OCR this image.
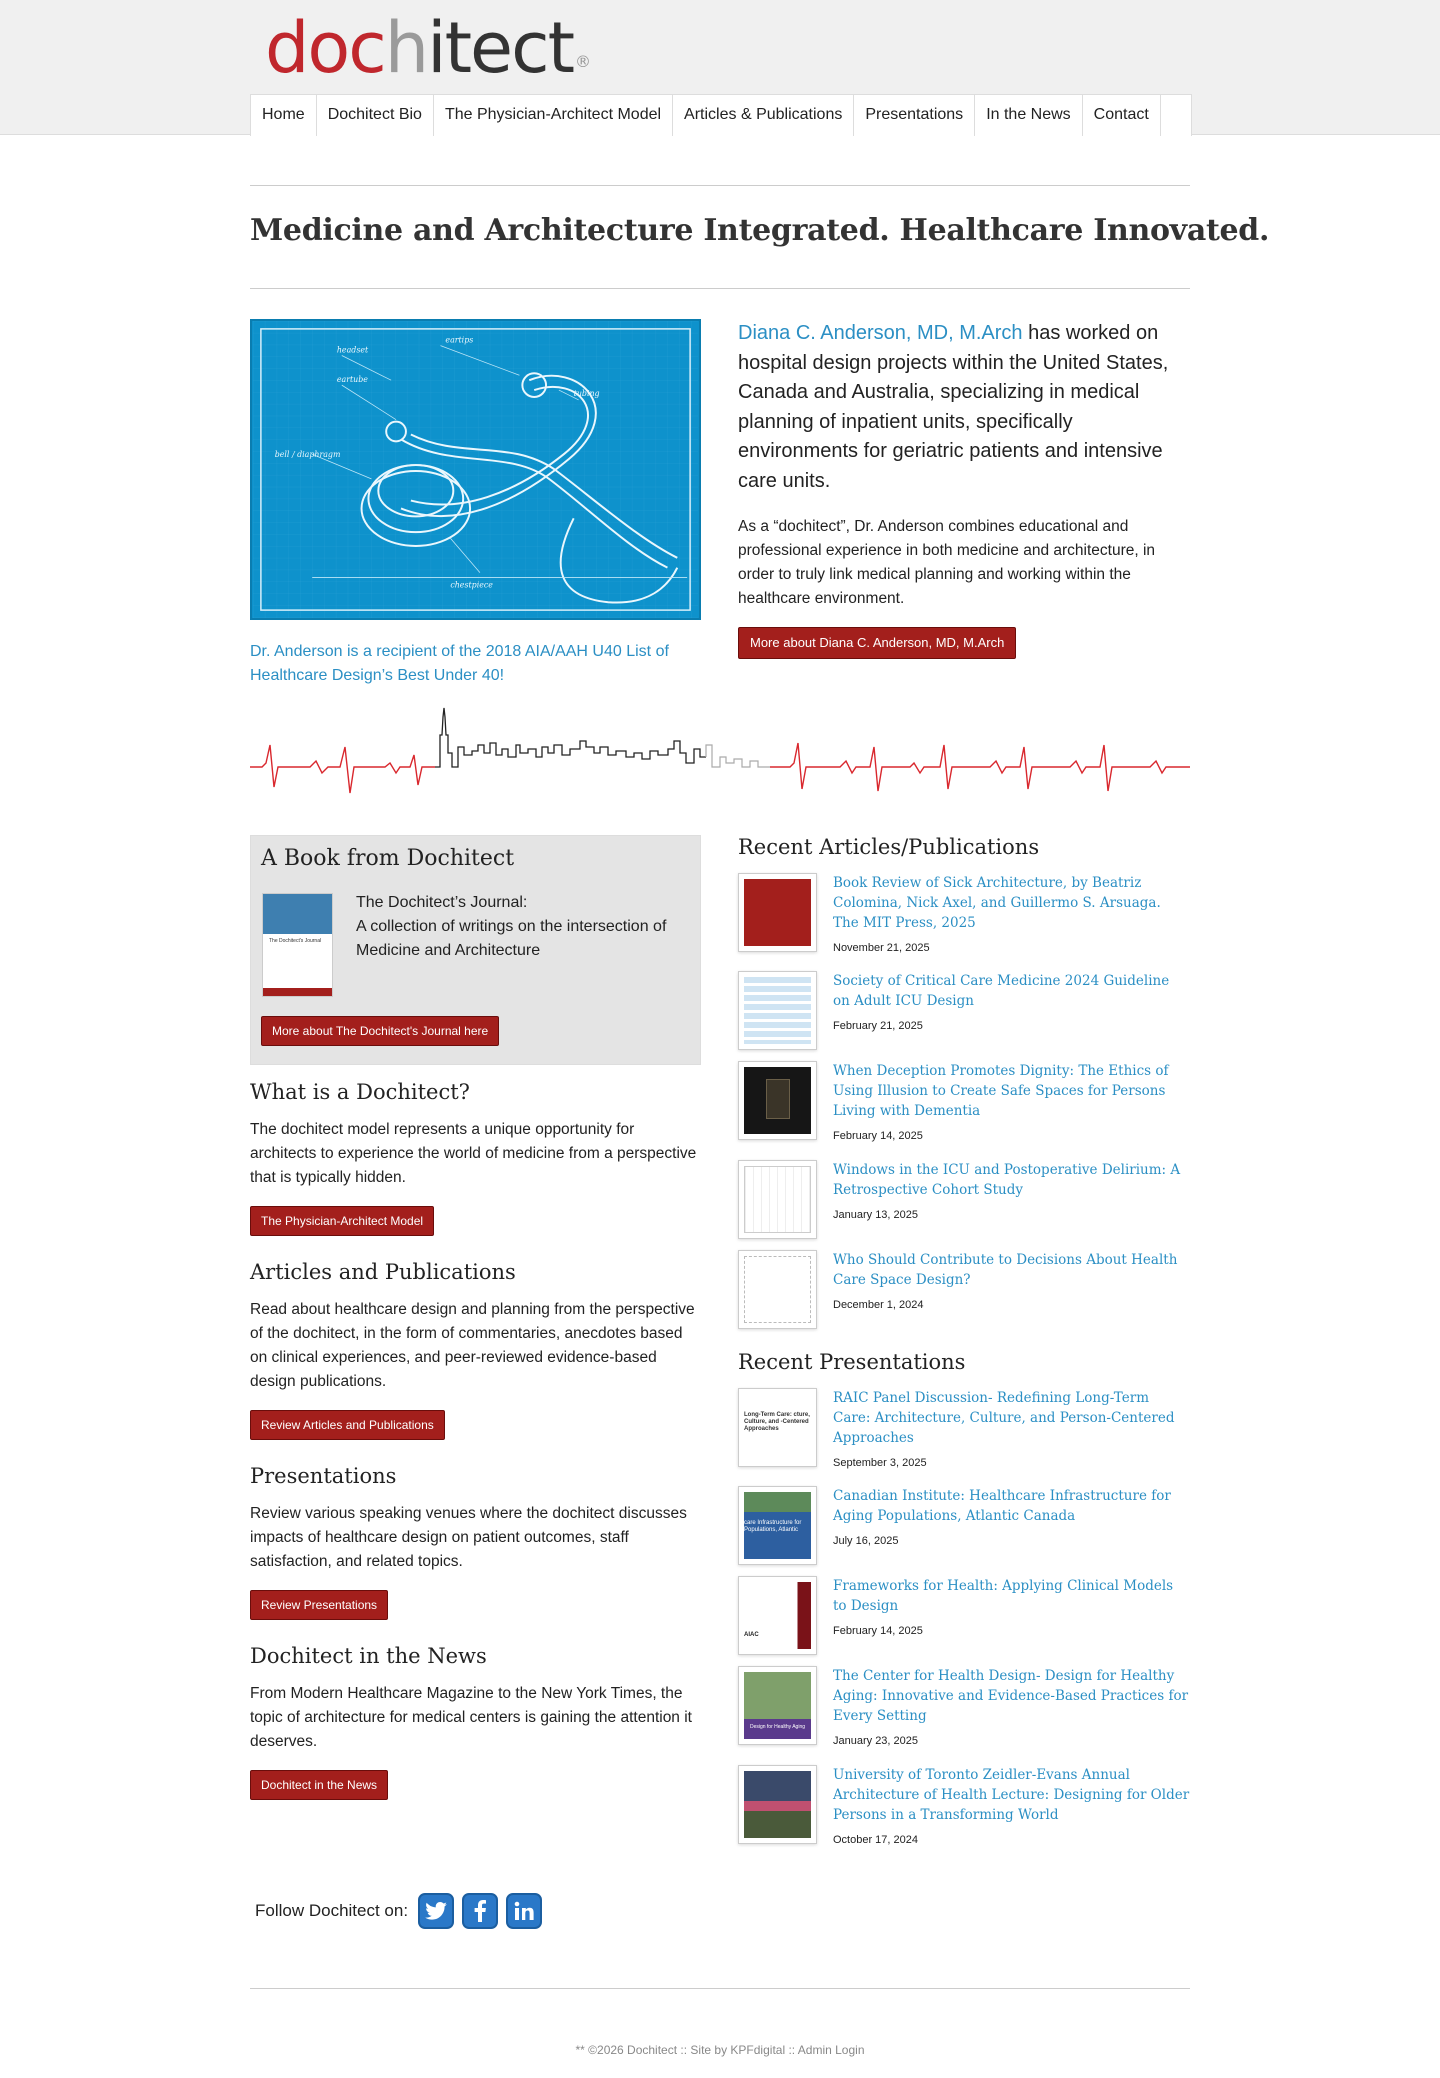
dochitect ®
Home	Dochitect Bio	The Physician-Architect Model	Articles & Publications	Presentations	In the News	Contact
Medicine and Architecture Integrated. Healthcare Innovated.
headset
eartips
eartube
tubing
bell / diaphragm
chestpiece
Dr. Anderson is a recipient of the 2018 AIA/AAH U40 List of Healthcare Design’s Best Under 40!
Diana C. Anderson, MD, M.Arch has worked on hospital design projects within the United States, Canada and Australia, specializing in medical planning of inpatient units, specifically environments for geriatric patients and intensive care units.
As a “dochitect”, Dr. Anderson combines educational and professional experience in both medicine and architecture, in order to truly link medical planning and working within the healthcare environment.
More about Diana C. Anderson, MD, M.Arch
A Book from Dochitect
The Dochitect's Journal
The Dochitect’s Journal:
A collection of writings on the intersection of Medicine and Architecture
More about The Dochitect's Journal here
What is a Dochitect?

The dochitect model represents a unique opportunity for architects to experience the world of medicine from a perspective that is typically hidden.

The Physician-Architect Model
Articles and Publications

Read about healthcare design and planning from the perspective of the dochitect, in the form of commentaries, anecdotes based on clinical experiences, and peer-reviewed evidence-based design publications.

Review Articles and Publications
Presentations

Review various speaking venues where the dochitect discusses impacts of healthcare design on patient outcomes, staff satisfaction, and related topics.

Review Presentations
Dochitect in the News

From Modern Healthcare Magazine to the New York Times, the topic of architecture for medical centers is gaining the attention it deserves.

Dochitect in the News
Recent Articles/Publications
Book Review of Sick Architecture, by Beatriz Colomina, Nick Axel, and Guillermo S. Arsuaga. The MIT Press, 2025
November 21, 2025
Society of Critical Care Medicine 2024 Guideline on Adult ICU Design
February 21, 2025
When Deception Promotes Dignity: The Ethics of Using Illusion to Create Safe Spaces for Persons Living with Dementia
February 14, 2025
Windows in the ICU and Postoperative Delirium: A Retrospective Cohort Study
January 13, 2025
Who Should Contribute to Decisions About Health Care Space Design?
December 1, 2024
Recent Presentations
Long-Term Care: cture, Culture, and -Centered Approaches
RAIC Panel Discussion- Redefining Long-Term Care: Architecture, Culture, and Person-Centered Approaches
September 3, 2025
care Infrastructure for Populations, Atlantic
Canadian Institute: Healthcare Infrastructure for Aging Populations, Atlantic Canada
July 16, 2025
AIAC
Frameworks for Health: Applying Clinical Models to Design
February 14, 2025
Design for Healthy Aging
The Center for Health Design- Design for Healthy Aging: Innovative and Evidence-Based Practices for Every Setting
January 23, 2025
University of Toronto Zeidler-Evans Annual Architecture of Health Lecture: Designing for Older Persons in a Transforming World
October 17, 2024
Follow Dochitect on:
** ©2026 Dochitect :: Site by KPFdigital :: Admin Login
